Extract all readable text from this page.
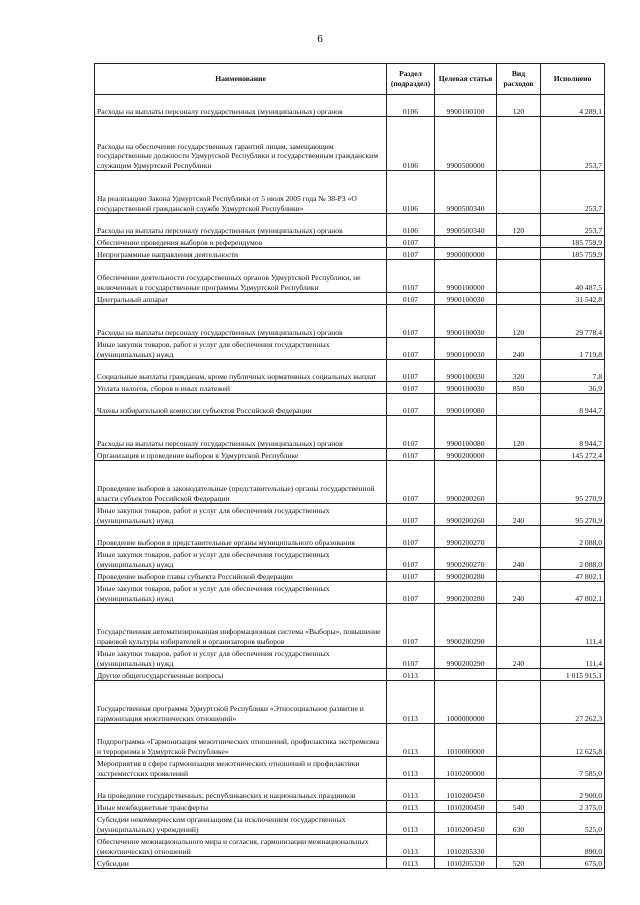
6
Наименование	Раздел (подраздел)	Целевая статья	Вид расходов	Исполнено
Расходы на выплаты персоналу государственных (муниципальных) органов	0106	9900100100	120	4 289,1
Расходы на обеспечение государственных гарантий лицам, замещающим государственные должности Удмуртской Республики и государственным гражданским служащим Удмуртской Республики	0106	9900500000		253,7
На реализацию Закона Удмуртской Республики от 5 июля 2005 года № 38-РЗ «О государственной гражданской службе Удмуртской Республики»	0106	9900500340		253,7
Расходы на выплаты персоналу государственных (муниципальных) органов	0106	9900500340	120	253,7
Обеспечение проведения выборов и референдумов	0107			185 759,9
Непрограммные направления деятельности	0107	9900000000		185 759,9
Обеспечение деятельности государственных органов Удмуртской Республики, не включенных в государственные программы Удмуртской Республики	0107	9900100000		40 487,5
Центральный аппарат	0107	9900100030		31 542,8
Расходы на выплаты персоналу государственных (муниципальных) органов	0107	9900100030	120	29 778,4
Иные закупки товаров, работ и услуг для обеспечения государственных (муниципальных) нужд	0107	9900100030	240	1 719,8
Социальные выплаты гражданам, кроме публичных нормативных социальных выплат	0107	9900100030	320	7,8
Уплата налогов, сборов и иных платежей	0107	9900100030	850	36,9
Члены избирательной комиссии субъектов Российской Федерации	0107	9900100080		8 944,7
Расходы на выплаты персоналу государственных (муниципальных) органов	0107	9900100080	120	8 944,7
Организация и проведение выборов в Удмуртской Республике	0107	9900200000		145 272,4
Проведение выборов в законодательные (представительные) органы государственной власти субъектов Российской Федерации	0107	9900200260		95 270,9
Иные закупки товаров, работ и услуг для обеспечения государственных (муниципальных) нужд	0107	9900200260	240	95 270,9
Проведение выборов в представительные органы муниципального образования	0107	9900200270		2 088,0
Иные закупки товаров, работ и услуг для обеспечения государственных (муниципальных) нужд	0107	9900200270	240	2 088,0
Проведение выборов главы субъекта Российской Федерации	0107	9900200280		47 802,1
Иные закупки товаров, работ и услуг для обеспечения государственных (муниципальных) нужд	0107	9900200280	240	47 802,1
Государственная автоматизированная информационная система «Выборы», повышение правовой культуры избирателей и организаторов выборов	0107	9900200290		111,4
Иные закупки товаров, работ и услуг для обеспечения государственных (муниципальных) нужд	0107	9900200290	240	111,4
Другие общегосударственные вопросы	0113			1 015 915,1
Государственная программа Удмуртской Республики «Этносоциальное развитие и гармонизация межэтнических отношений»	0113	1000000000		27 262,3
Подпрограмма «Гармонизация межэтнических отношений, профилактика экстремизма и терроризма в Удмуртской Республике»	0113	1010000000		12 625,8
Мероприятия в сфере гармонизации межэтнических отношений и профилактики экстремистских проявлений	0113	1010200000		7 585,0
На проведение государственных, республиканских и национальных праздников	0113	1010200450		2 900,0
Иные межбюджетные трансферты	0113	1010200450	540	2 375,0
Субсидии некоммерческим организациям (за исключением государственных (муниципальных) учреждений)	0113	1010200450	630	525,0
Обеспечение межнационального мира и согласия, гармонизации межнациональных (межэтнических) отношений	0113	1010205330		890,0
Субсидии	0113	1010205330	520	675,0
